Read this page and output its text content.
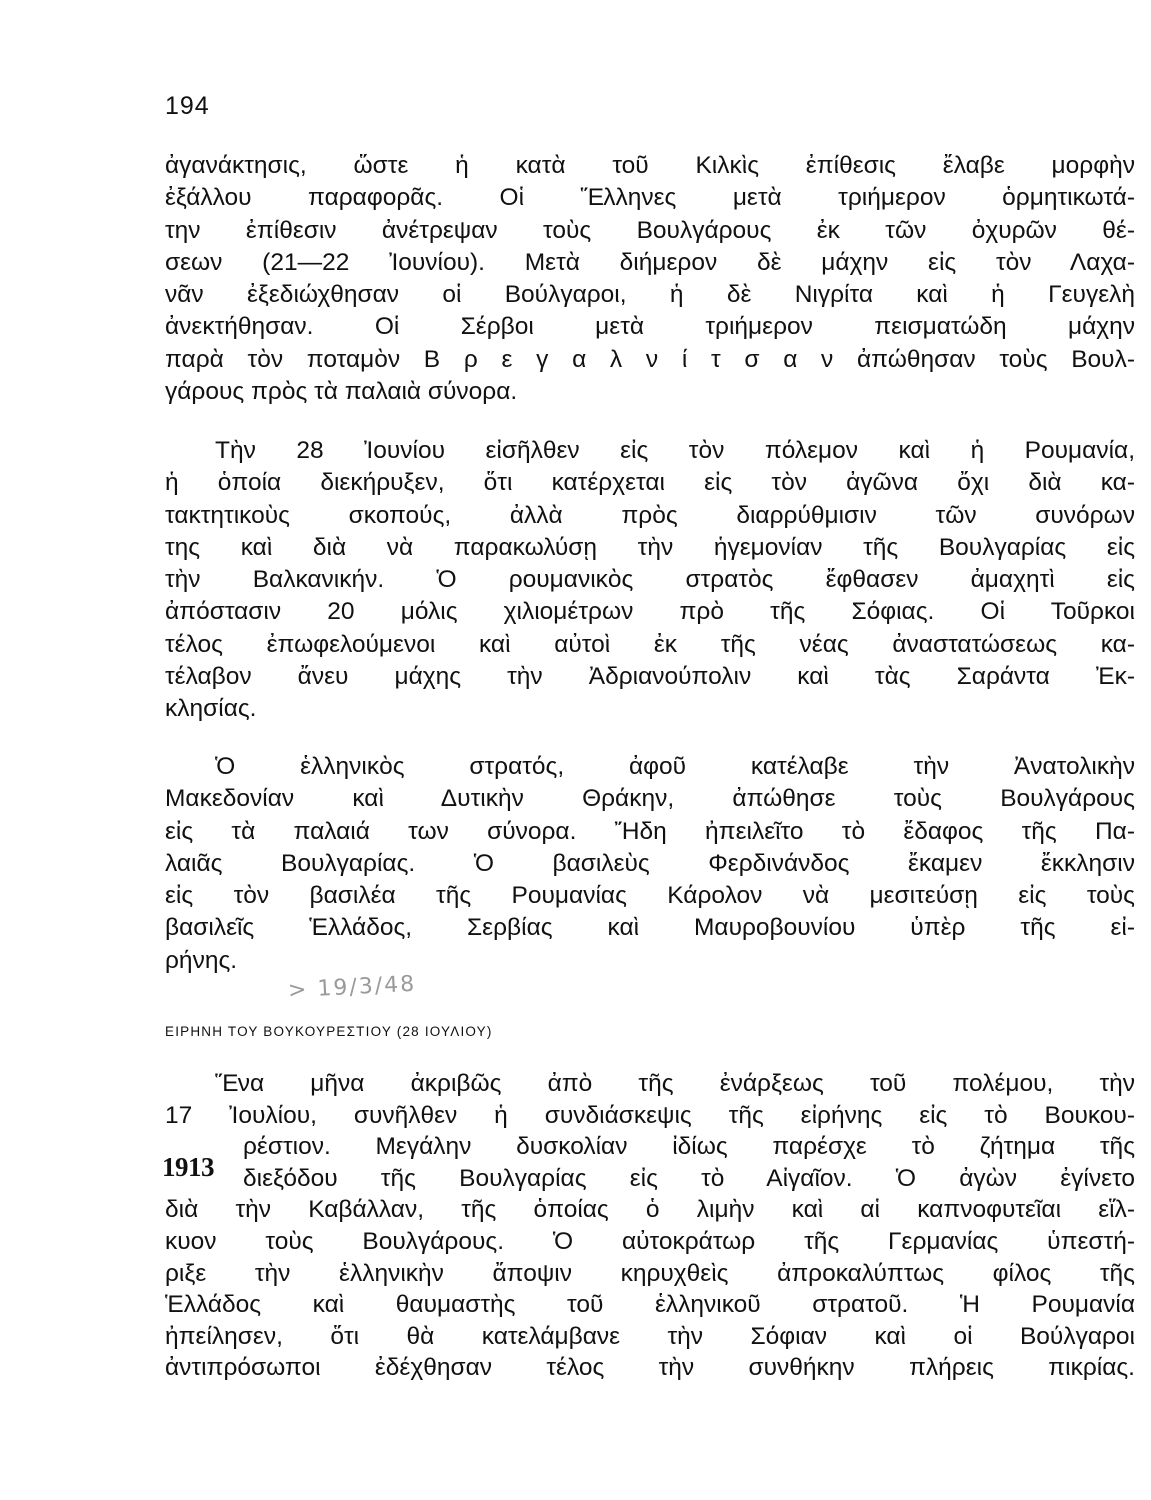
194
ἀγανάκτησις, ὥστε ἡ κατὰ τοῦ Κιλκὶς ἐπίθεσις ἔλαβε μορφὴν
ἐξάλλου παραφορᾶς. Οἱ Ἕλληνες μετὰ τριήμερον ὁρμητικωτά-
την ἐπίθεσιν ἀνέτρεψαν τοὺς Βουλγάρους ἐκ τῶν ὀχυρῶν θέ-
σεων (21—22 Ἰουνίου). Μετὰ διήμερον δὲ μάχην εἰς τὸν Λαχα-
νᾶν ἐξεδιώχθησαν οἱ Βούλγαροι, ἡ δὲ Νιγρίτα καὶ ἡ Γευγελὴ
ἀνεκτήθησαν. Οἱ Σέρβοι μετὰ τριήμερον πεισματώδη μάχην
παρὰ τὸν ποταμὸν Β ρ ε γ α λ ν ί τ σ α ν ἀπώθησαν τοὺς Βουλ-
γάρους πρὸς τὰ παλαιὰ σύνορα.
Τὴν 28 Ἰουνίου εἰσῆλθεν εἰς τὸν πόλεμον καὶ ἡ Ρουμανία,
ἡ ὁποία διεκήρυξεν, ὅτι κατέρχεται εἰς τὸν ἀγῶνα ὄχι διὰ κα-
τακτητικοὺς σκοπούς, ἀλλὰ πρὸς διαρρύθμισιν τῶν συνόρων
της καὶ διὰ νὰ παρακωλύσῃ τὴν ἡγεμονίαν τῆς Βουλγαρίας εἰς
τὴν Βαλκανικήν. Ὁ ρουμανικὸς στρατὸς ἔφθασεν ἀμαχητὶ εἰς
ἀπόστασιν 20 μόλις χιλιομέτρων πρὸ τῆς Σόφιας. Οἱ Τοῦρκοι
τέλος ἐπωφελούμενοι καὶ αὐτοὶ ἐκ τῆς νέας ἀναστατώσεως κα-
τέλαβον ἄνευ μάχης τὴν Ἀδριανούπολιν καὶ τὰς Σαράντα Ἐκ-
κλησίας.
Ὁ ἑλληνικὸς στρατός, ἀφοῦ κατέλαβε τὴν Ἀνατολικὴν
Μακεδονίαν καὶ Δυτικὴν Θράκην, ἀπώθησε τοὺς Βουλγάρους
εἰς τὰ παλαιά των σύνορα. Ἤδη ἠπειλεῖτο τὸ ἔδαφος τῆς Πα-
λαιᾶς Βουλγαρίας. Ὁ βασιλεὺς Φερδινάνδος ἔκαμεν ἔκκλησιν
εἰς τὸν βασιλέα τῆς Ρουμανίας Κάρολον νὰ μεσιτεύσῃ εἰς τοὺς
βασιλεῖς Ἑλλάδος, Σερβίας καὶ Μαυροβουνίου ὑπὲρ τῆς εἰ-
ρήνης.
> 19/3/48
ΕΙΡΗΝΗ ΤΟΥ ΒΟΥΚΟΥΡΕΣΤΙΟΥ (28 ΙΟΥΛΙΟΥ)
1913
Ἕνα μῆνα ἀκριβῶς ἀπὸ τῆς ἐνάρξεως τοῦ πολέμου, τὴν
17 Ἰουλίου, συνῆλθεν ἡ συνδιάσκεψις τῆς εἰρήνης εἰς τὸ Βουκου-
ρέστιον. Μεγάλην δυσκολίαν ἰδίως παρέσχε τὸ ζήτημα τῆς
διεξόδου τῆς Βουλγαρίας εἰς τὸ Αἰγαῖον. Ὁ ἀγὼν ἐγίνετο
διὰ τὴν Καβάλλαν, τῆς ὁποίας ὁ λιμὴν καὶ αἱ καπνοφυτεῖαι εἵλ-
κυον τοὺς Βουλγάρους. Ὁ αὐτοκράτωρ τῆς Γερμανίας ὑπεστή-
ριξε τὴν ἑλληνικὴν ἄποψιν κηρυχθεὶς ἀπροκαλύπτως φίλος τῆς
Ἑλλάδος καὶ θαυμαστὴς τοῦ ἑλληνικοῦ στρατοῦ. Ἡ Ρουμανία
ἠπείλησεν, ὅτι θὰ κατελάμβανε τὴν Σόφιαν καὶ οἱ Βούλγαροι
ἀντιπρόσωποι ἐδέχθησαν τέλος τὴν συνθήκην πλήρεις πικρίας.
